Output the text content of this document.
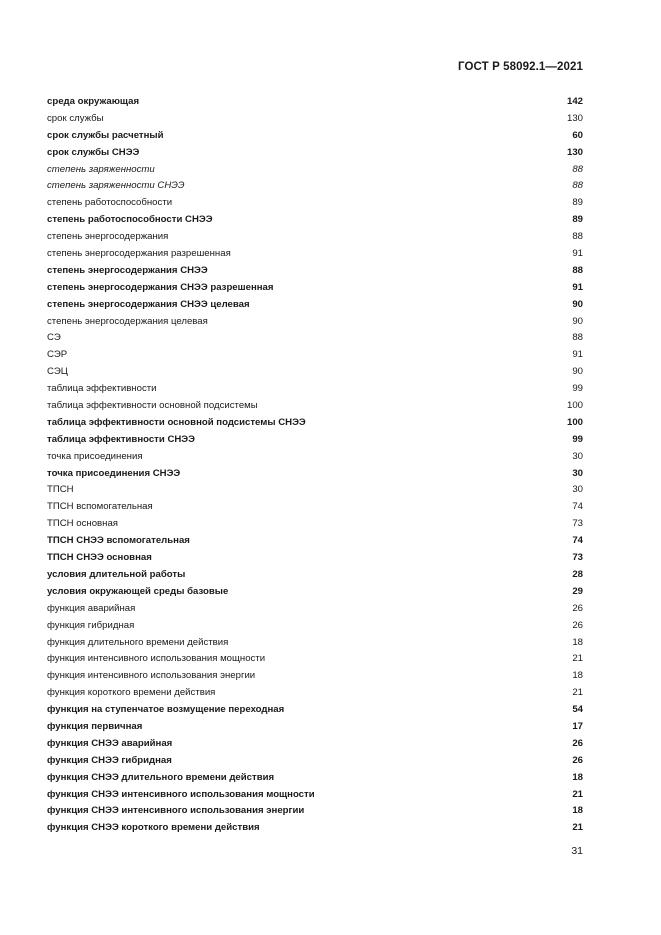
ГОСТ Р 58092.1—2021
среда окружающая	142
срок службы	130
срок службы расчетный	60
срок службы СНЭЭ	130
степень заряженности	88
степень заряженности СНЭЭ	88
степень работоспособности	89
степень работоспособности СНЭЭ	89
степень энергосодержания	88
степень энергосодержания разрешенная	91
степень энергосодержания СНЭЭ	88
степень энергосодержания СНЭЭ разрешенная	91
степень энергосодержания СНЭЭ целевая	90
степень энергосодержания целевая	90
СЭ	88
СЭР	91
СЭЦ	90
таблица эффективности	99
таблица эффективности основной подсистемы	100
таблица эффективности основной подсистемы СНЭЭ	100
таблица эффективности СНЭЭ	99
точка присоединения	30
точка присоединения СНЭЭ	30
ТПСН	30
ТПСН вспомогательная	74
ТПСН основная	73
ТПСН СНЭЭ вспомогательная	74
ТПСН СНЭЭ основная	73
условия длительной работы	28
условия окружающей среды базовые	29
функция аварийная	26
функция гибридная	26
функция длительного времени действия	18
функция интенсивного использования мощности	21
функция интенсивного использования энергии	18
функция короткого времени действия	21
функция на ступенчатое возмущение переходная	54
функция первичная	17
функция СНЭЭ аварийная	26
функция СНЭЭ гибридная	26
функция СНЭЭ длительного времени действия	18
функция СНЭЭ интенсивного использования мощности	21
функция СНЭЭ интенсивного использования энергии	18
функция СНЭЭ короткого времени действия	21
31
